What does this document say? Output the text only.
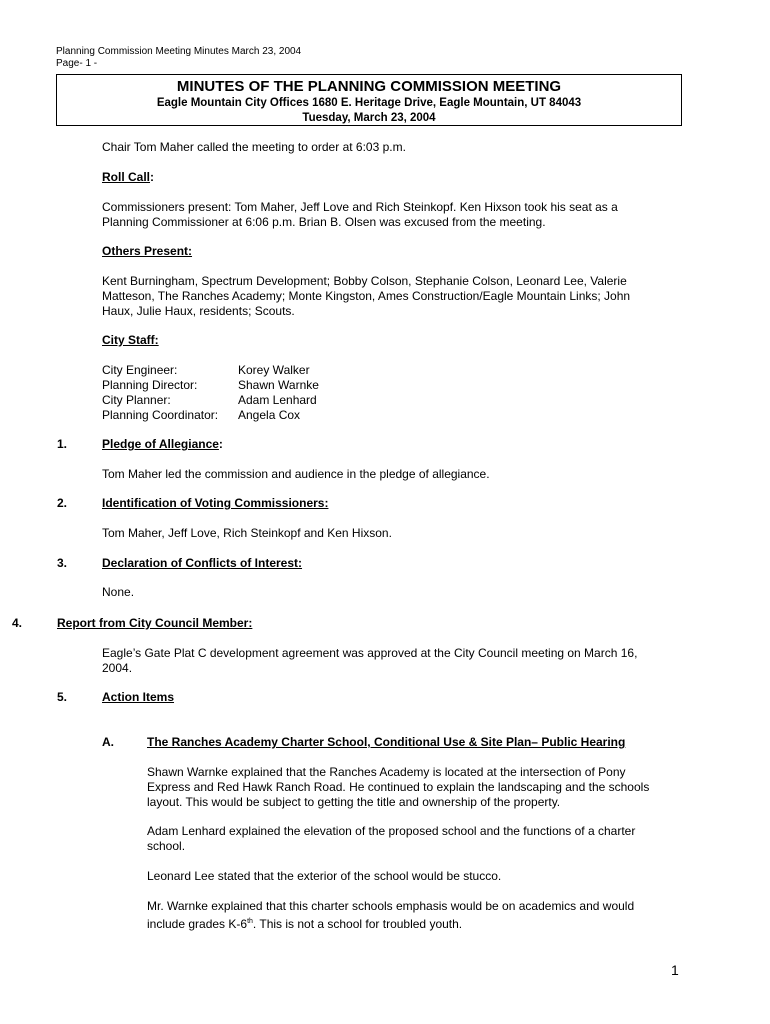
Planning Commission Meeting Minutes March 23, 2004
Page- 1 -
MINUTES OF THE PLANNING COMMISSION MEETING
Eagle Mountain City Offices 1680 E. Heritage Drive, Eagle Mountain, UT 84043
Tuesday, March 23, 2004
Chair Tom Maher called the meeting to order at 6:03 p.m.
Roll Call:
Commissioners present: Tom Maher, Jeff Love and Rich Steinkopf. Ken Hixson took his seat as a
Planning Commissioner at 6:06 p.m. Brian B. Olsen was excused from the meeting.
Others Present:
Kent Burningham, Spectrum Development; Bobby Colson, Stephanie Colson, Leonard Lee, Valerie
Matteson, The Ranches Academy; Monte Kingston, Ames Construction/Eagle Mountain Links; John
Haux, Julie Haux, residents; Scouts.
City Staff:
City Engineer:	Korey Walker
Planning Director:	Shawn Warnke
City Planner:	Adam Lenhard
Planning Coordinator:	Angela Cox
1.	Pledge of Allegiance:
Tom Maher led the commission and audience in the pledge of allegiance.
2.	Identification of Voting Commissioners:
Tom Maher, Jeff Love, Rich Steinkopf and Ken Hixson.
3.	Declaration of Conflicts of Interest:
None.
4.	Report from City Council Member:
Eagle’s Gate Plat C development agreement was approved at the City Council meeting on March 16,
2004.
5.	Action Items
A.	The Ranches Academy Charter School, Conditional Use & Site Plan– Public Hearing
Shawn Warnke explained that the Ranches Academy is located at the intersection of Pony
Express and Red Hawk Ranch Road. He continued to explain the landscaping and the schools
layout. This would be subject to getting the title and ownership of the property.
Adam Lenhard explained the elevation of the proposed school and the functions of a charter
school.
Leonard Lee stated that the exterior of the school would be stucco.
Mr. Warnke explained that this charter schools emphasis would be on academics and would
include grades K-6th. This is not a school for troubled youth.
1
